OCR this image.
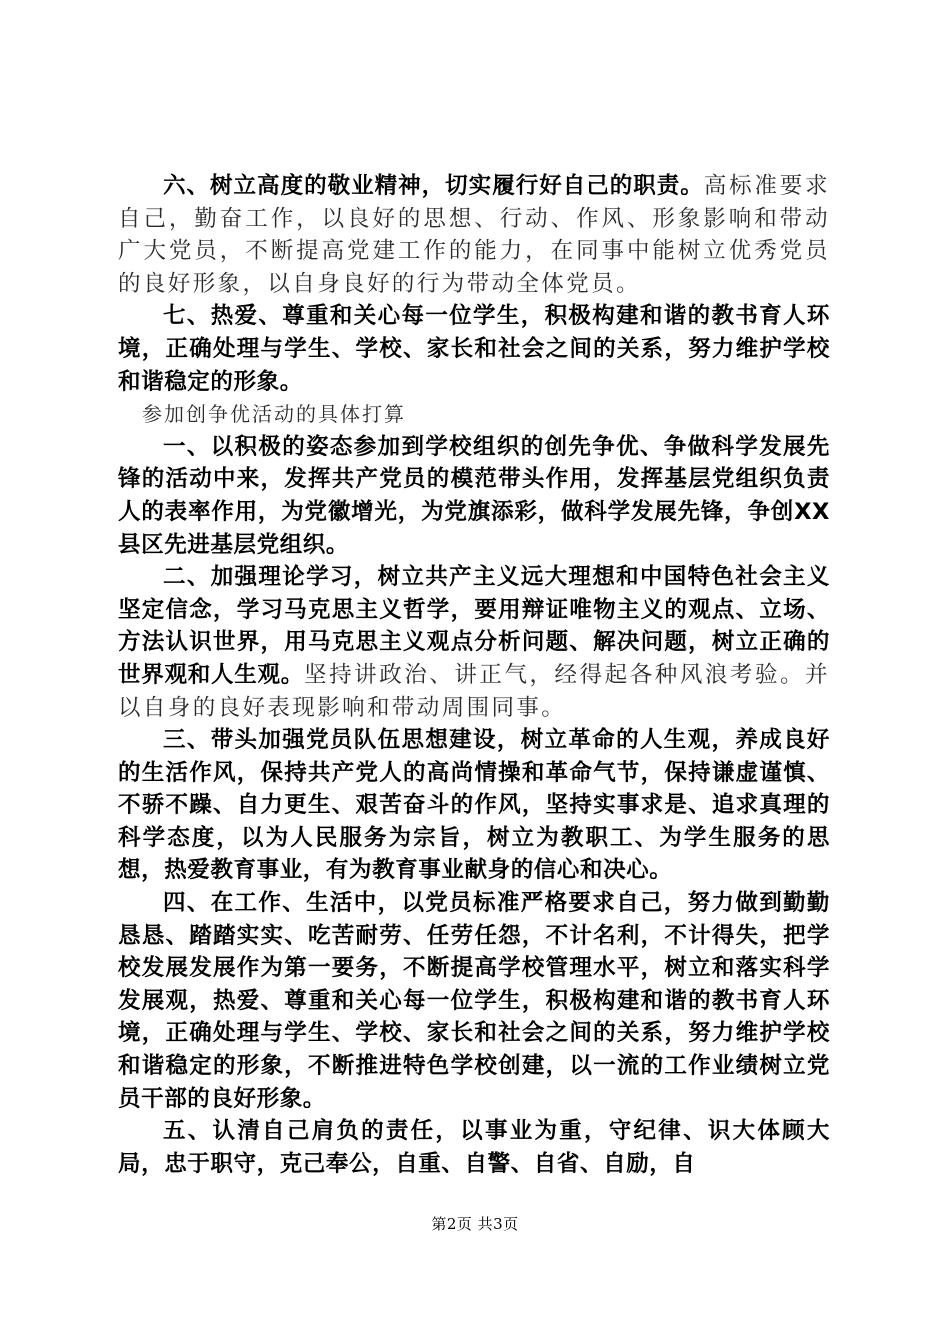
六、树立高度的敬业精神，切实履行好自己的职责。高标准要求自己，勤奋工作，以良好的思想、行动、作风、形象影响和带动广大党员，不断提高党建工作的能力，在同事中能树立优秀党员的良好形象，以自身良好的行为带动全体党员。

七、热爱、尊重和关心每一位学生，积极构建和谐的教书育人环境，正确处理与学生、学校、家长和社会之间的关系，努力维护学校和谐稳定的形象。

参加创争优活动的具体打算

一、以积极的姿态参加到学校组织的创先争优、争做科学发展先锋的活动中来，发挥共产党员的模范带头作用，发挥基层党组织负责人的表率作用，为党徽增光，为党旗添彩，做科学发展先锋，争创XX县区先进基层党组织。

二、加强理论学习，树立共产主义远大理想和中国特色社会主义坚定信念，学习马克思主义哲学，要用辩证唯物主义的观点、立场、方法认识世界，用马克思主义观点分析问题、解决问题，树立正确的世界观和人生观。坚持讲政治、讲正气，经得起各种风浪考验。并以自身的良好表现影响和带动周围同事。

三、带头加强党员队伍思想建设，树立革命的人生观，养成良好的生活作风，保持共产党人的高尚情操和革命气节，保持谦虚谨慎、不骄不躁、自力更生、艰苦奋斗的作风，坚持实事求是、追求真理的科学态度，以为人民服务为宗旨，树立为教职工、为学生服务的思想，热爱教育事业，有为教育事业献身的信心和决心。

四、在工作、生活中，以党员标准严格要求自己，努力做到勤勤恳恳、踏踏实实、吃苦耐劳、任劳任怨，不计名利，不计得失，把学校发展发展作为第一要务，不断提高学校管理水平，树立和落实科学发展观，热爱、尊重和关心每一位学生，积极构建和谐的教书育人环境，正确处理与学生、学校、家长和社会之间的关系，努力维护学校和谐稳定的形象，不断推进特色学校创建，以一流的工作业绩树立党员干部的良好形象。

五、认清自己肩负的责任，以事业为重，守纪律、识大体顾大局，忠于职守，克己奉公，自重、自警、自省、自励，自

第2页 共3页
